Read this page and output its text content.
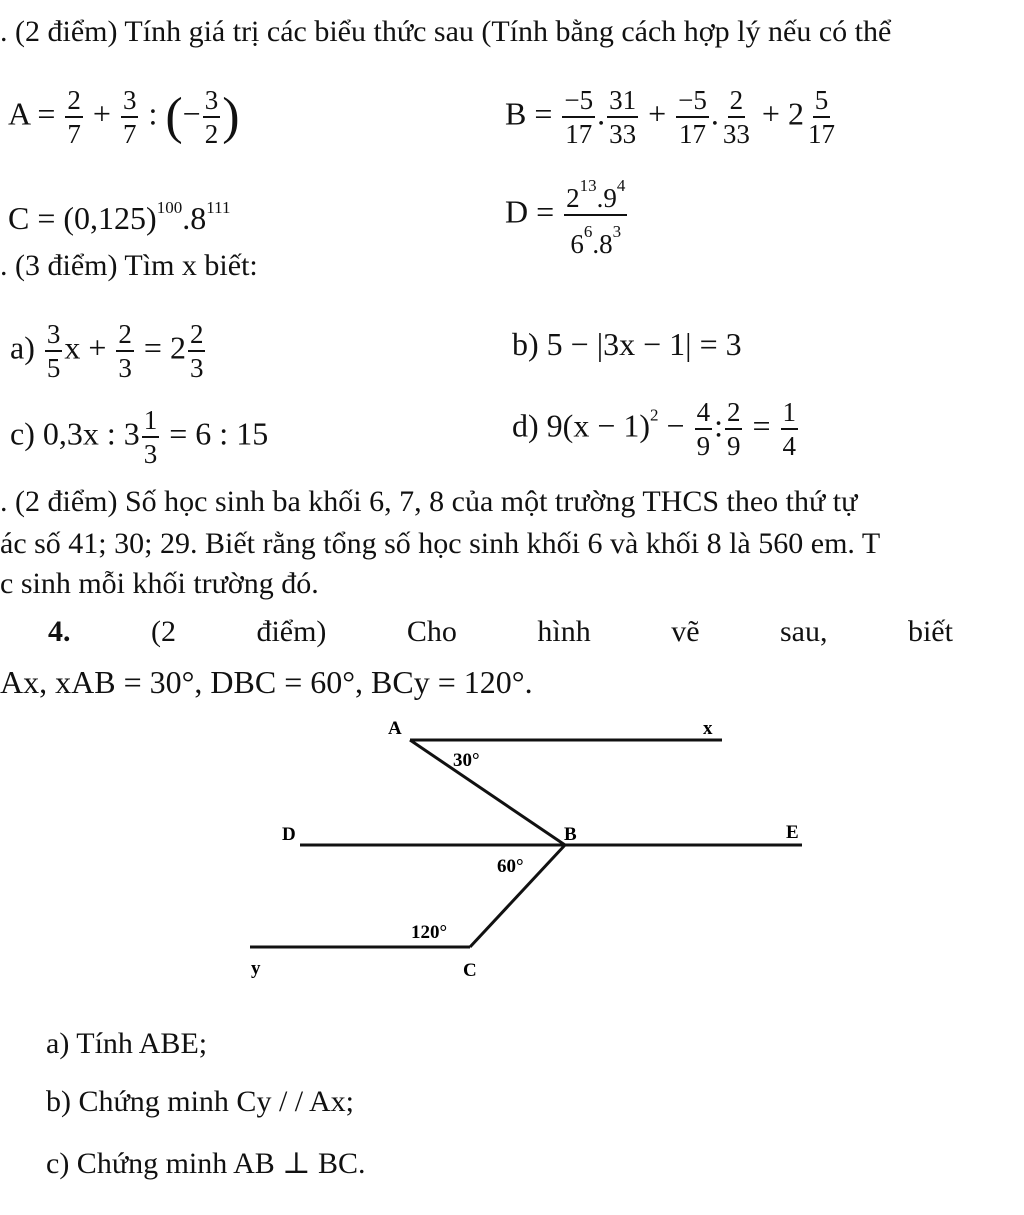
. (2 điểm) Tính giá trị các biểu thức sau (Tính bằng cách hợp lý nếu có thể
$A = \frac{2}{7} + \frac{3}{7}$ : (− $\frac{3}{2}$ )	$B = \frac{-5}{17}$ . $\frac{31}{33} + \frac{-5}{17}$ . $\frac{2}{33} + 2 \frac{5}{17}$
$C = (0,125)^{100}.8^{111}$	$D = \frac{2^{13}.9^4}{6^6.8^3}$
. (3 điểm) Tìm x biết:
$a) \frac{3}{5}$ $x + \frac{2}{3} = 2 \frac{2}{3}$	b) 5 − |3x − 1| = 3
c) 0,3x : $3 \frac{1}{3} = 6$ : 15	d) $9(x - 1)^2 - \frac{4}{9}$ : $\frac{2}{9} = \frac{1}{4}$
. (2 điểm) Số học sinh ba khối 6, 7, 8 của một trường THCS theo thứ tự
ác số 41; 30; 29. Biết rằng tổng số học sinh khối 6 và khối 8 là 560 em. T
c sinh mỗi khối trường đó.
4.	(2	điểm)	Cho	hình	vẽ	sau,	biết
Ax, xAB = 30°, DBC = 60°, BCy = 120°.
A	x
30°
D	B	E
60°
120°
y	C
a) Tính ABE;
b) Chứng minh Cy / / Ax;
c) Chứng minh AB ⊥ BC.
